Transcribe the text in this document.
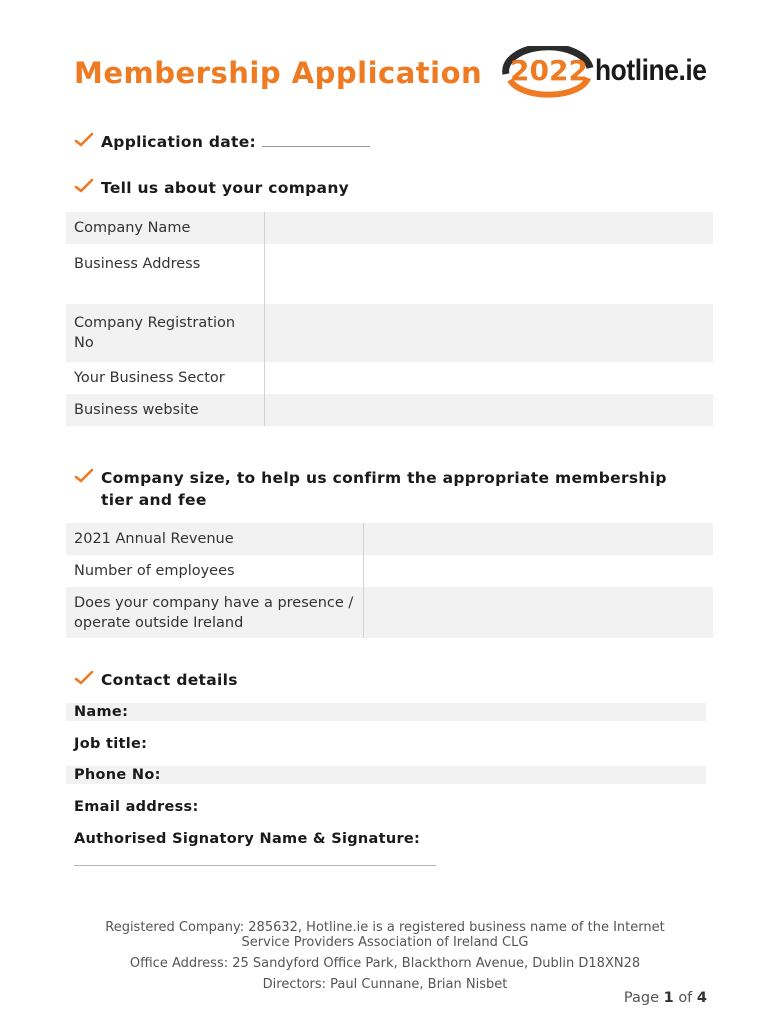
Membership Application 2022 hotline.ie
Application date:
Tell us about your company
Company Name	
Business Address	
Company Registration No	
Your Business Sector	
Business website	
Company size, to help us confirm the appropriate membership
tier and fee
2021 Annual Revenue	
Number of employees	
Does your company have a presence / operate outside Ireland	
Contact details
Name:
Job title:
Phone No:
Email address:
Authorised Signatory Name & Signature:
Registered Company: 285632, Hotline.ie is a registered business name of the Internet
Service Providers Association of Ireland CLG
Office Address: 25 Sandyford Office Park, Blackthorn Avenue, Dublin D18XN28
Directors: Paul Cunnane, Brian Nisbet
Page 1 of 4
